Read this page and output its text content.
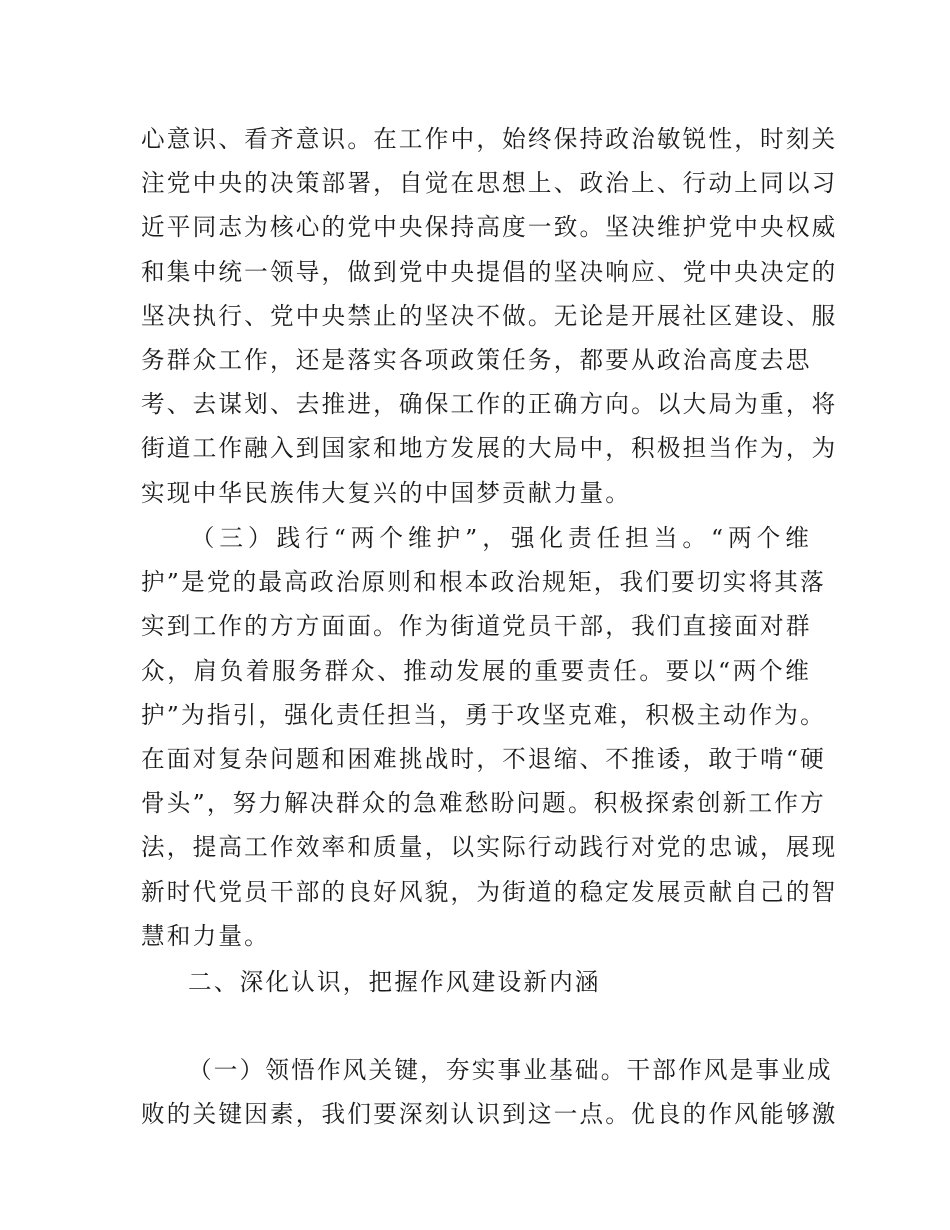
心意识、看齐意识。在工作中，始终保持政治敏锐性，时刻关
注党中央的决策部署，自觉在思想上、政治上、行动上同以习
近平同志为核心的党中央保持高度一致。坚决维护党中央权威
和集中统一领导，做到党中央提倡的坚决响应、党中央决定的
坚决执行、党中央禁止的坚决不做。无论是开展社区建设、服
务群众工作，还是落实各项政策任务，都要从政治高度去思
考、去谋划、去推进，确保工作的正确方向。以大局为重，将
街道工作融入到国家和地方发展的大局中，积极担当作为，为
实现中华民族伟大复兴的中国梦贡献力量。
（三）践行“两个维护”，强化责任担当。“两个维
护”是党的最高政治原则和根本政治规矩，我们要切实将其落
实到工作的方方面面。作为街道党员干部，我们直接面对群
众，肩负着服务群众、推动发展的重要责任。要以“两个维
护”为指引，强化责任担当，勇于攻坚克难，积极主动作为。
在面对复杂问题和困难挑战时，不退缩、不推诿，敢于啃“硬
骨头”，努力解决群众的急难愁盼问题。积极探索创新工作方
法，提高工作效率和质量，以实际行动践行对党的忠诚，展现
新时代党员干部的良好风貌，为街道的稳定发展贡献自己的智
慧和力量。
二、深化认识，把握作风建设新内涵
（一）领悟作风关键，夯实事业基础。干部作风是事业成
败的关键因素，我们要深刻认识到这一点。优良的作风能够激
